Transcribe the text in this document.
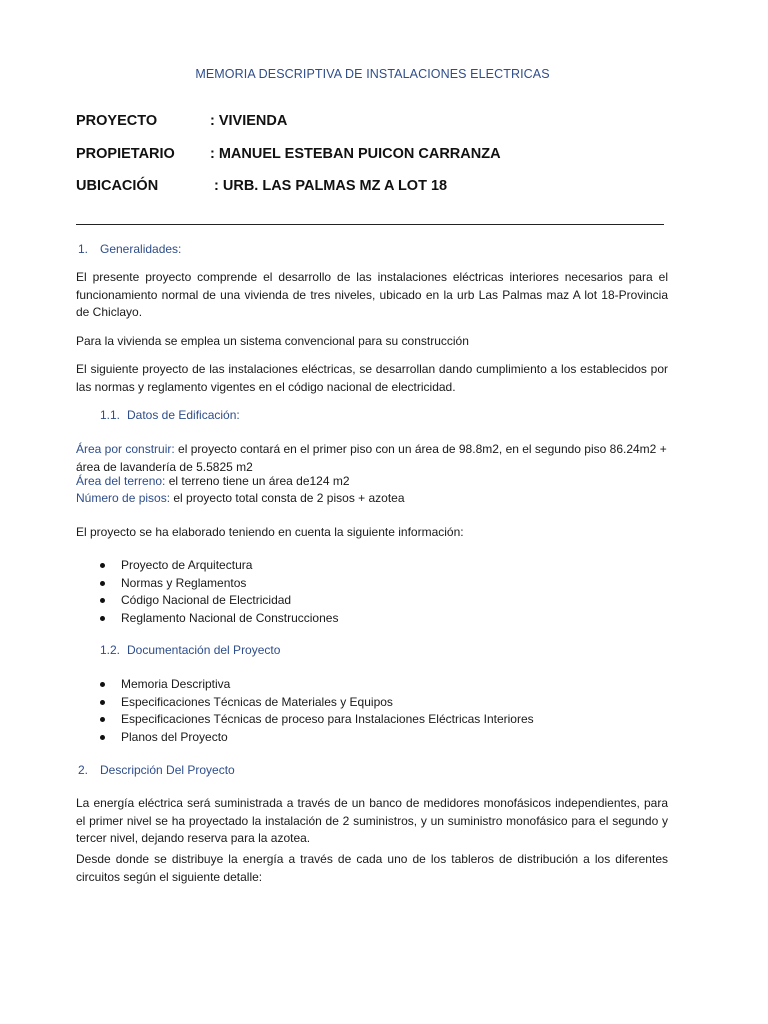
MEMORIA DESCRIPTIVA DE INSTALACIONES ELECTRICAS
PROYECTO	: VIVIENDA
PROPIETARIO : MANUEL ESTEBAN PUICON CARRANZA
UBICACIÓN	: URB. LAS PALMAS MZ A LOT 18
1. Generalidades:

El presente proyecto comprende el desarrollo de las instalaciones eléctricas interiores necesarios para el funcionamiento normal de una vivienda de tres niveles, ubicado en la urb Las Palmas maz A lot 18-Provincia de Chiclayo.

Para la vivienda se emplea un sistema convencional para su construcción

El siguiente proyecto de las instalaciones eléctricas, se desarrollan dando cumplimiento a los establecidos por las normas y reglamento vigentes en el código nacional de electricidad.

1.1. Datos de Edificación:

Área por construir: el proyecto contará en el primer piso con un área de 98.8m2, en el segundo piso 86.24m2 + área de lavandería de 5.5825 m2

Área del terreno: el terreno tiene un área de124 m2

Número de pisos: el proyecto total consta de 2 pisos + azotea

El proyecto se ha elaborado teniendo en cuenta la siguiente información:

Proyecto de Arquitectura
Normas y Reglamentos
Código Nacional de Electricidad
Reglamento Nacional de Construcciones
1.2. Documentación del Proyecto
Memoria Descriptiva
Especificaciones Técnicas de Materiales y Equipos
Especificaciones Técnicas de proceso para Instalaciones Eléctricas Interiores
Planos del Proyecto
2. Descripción Del Proyecto

La energía eléctrica será suministrada a través de un banco de medidores monofásicos independientes, para el primer nivel se ha proyectado la instalación de 2 suministros, y un suministro monofásico para el segundo y tercer nivel, dejando reserva para la azotea.

Desde donde se distribuye la energía a través de cada uno de los tableros de distribución a los diferentes circuitos según el siguiente detalle:
